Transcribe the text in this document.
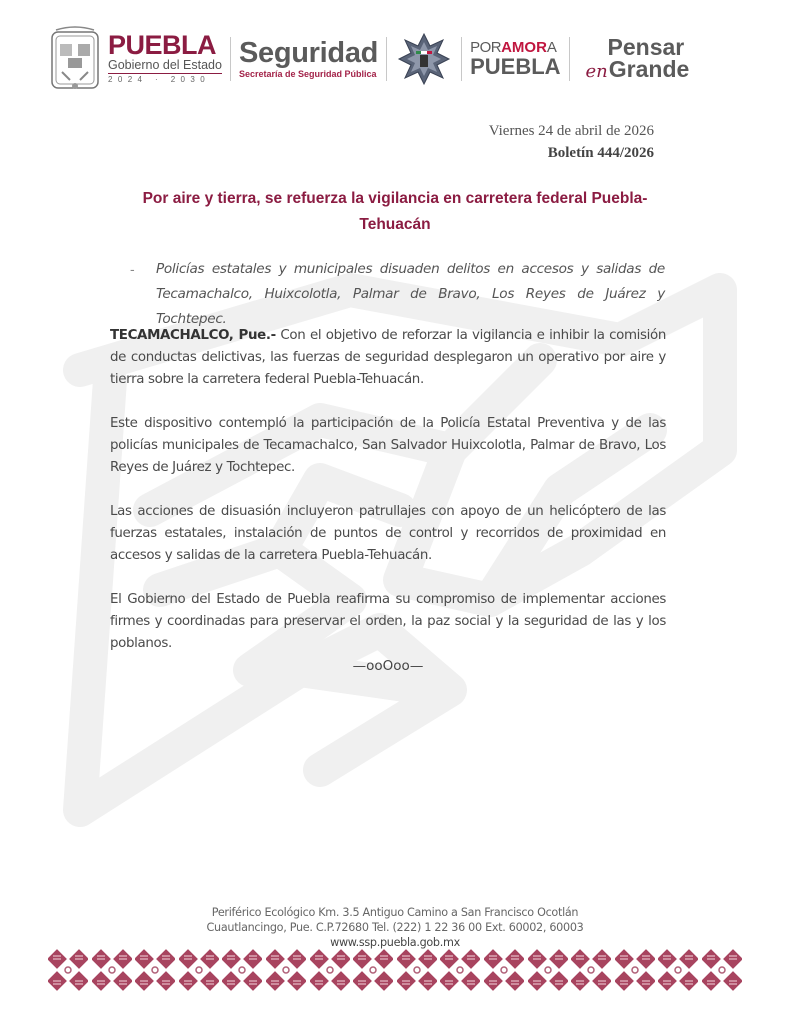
PUEBLA
Gobierno del Estado
2024 · 2030
Seguridad
Secretaría de Seguridad Pública
PORAMORA
PUEBLA
Pensar
en Grande
Viernes 24 de abril de 2026
Boletín 444/2026
Por aire y tierra, se refuerza la vigilancia en carretera federal Puebla-Tehuacán
-	Policías estatales y municipales disuaden delitos en accesos y salidas de Tecamachalco, Huixcolotla, Palmar de Bravo, Los Reyes de Juárez y Tochtepec.

TECAMACHALCO, Pue.- Con el objetivo de reforzar la vigilancia e inhibir la comisión de conductas delictivas, las fuerzas de seguridad desplegaron un operativo por aire y tierra sobre la carretera federal Puebla-Tehuacán.

Este dispositivo contempló la participación de la Policía Estatal Preventiva y de las policías municipales de Tecamachalco, San Salvador Huixcolotla, Palmar de Bravo, Los Reyes de Juárez y Tochtepec.

Las acciones de disuasión incluyeron patrullajes con apoyo de un helicóptero de las fuerzas estatales, instalación de puntos de control y recorridos de proximidad en accesos y salidas de la carretera Puebla-Tehuacán.

El Gobierno del Estado de Puebla reafirma su compromiso de implementar acciones firmes y coordinadas para preservar el orden, la paz social y la seguridad de las y los poblanos.

—ooOoo—
Periférico Ecológico Km. 3.5 Antiguo Camino a San Francisco Ocotlán
Cuautlancingo, Pue. C.P.72680 Tel. (222) 1 22 36 00 Ext. 60002, 60003
www.ssp.puebla.gob.mx
